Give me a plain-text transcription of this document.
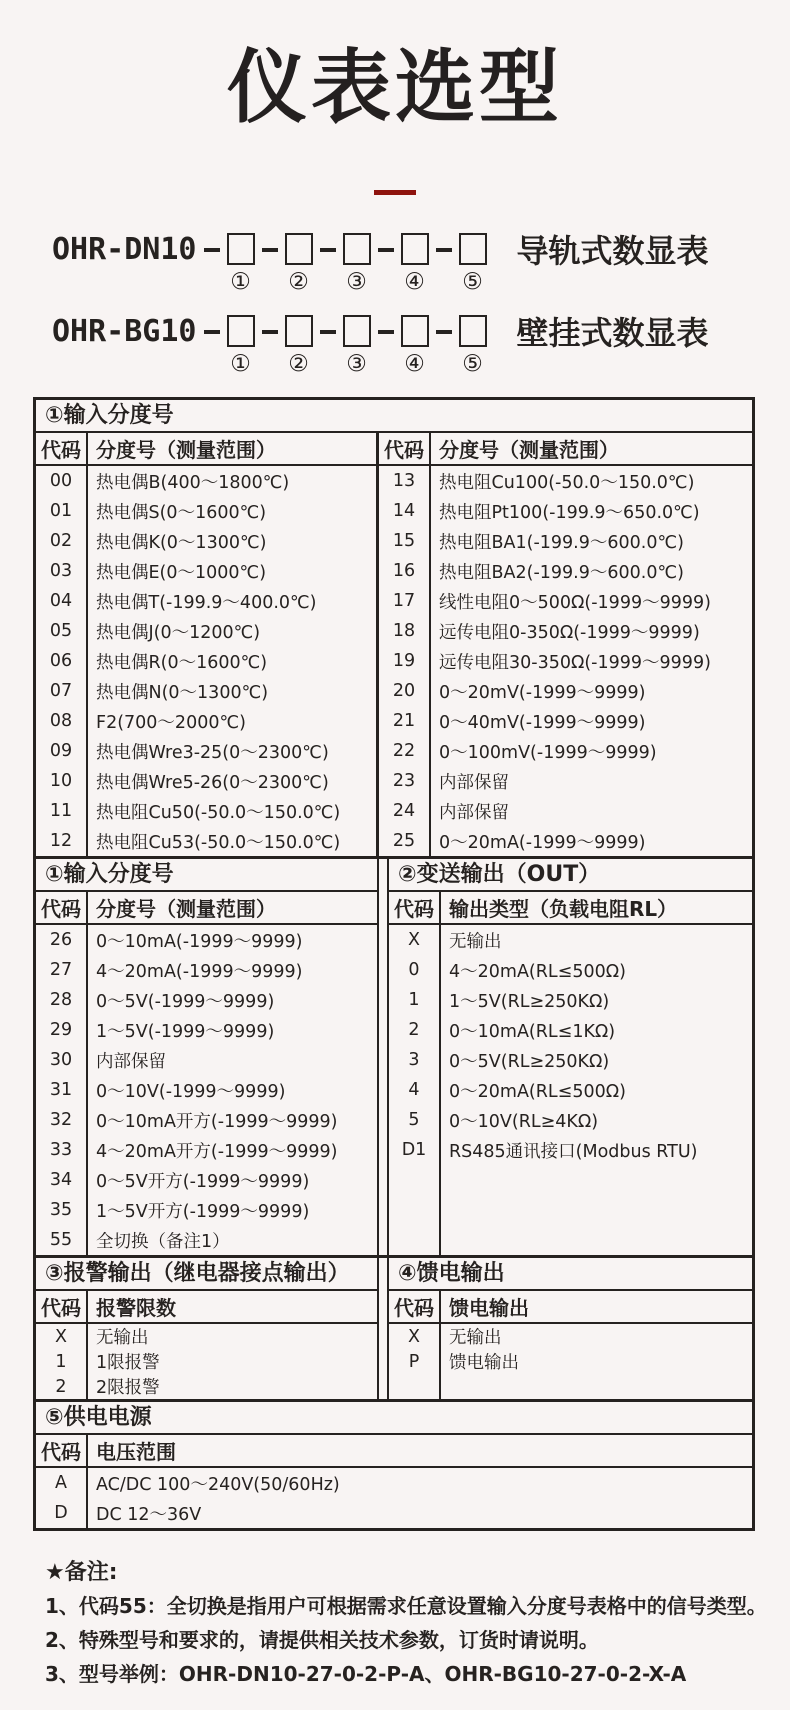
仪表选型
OHR-DN10
① ② ③ ④ ⑤
导轨式数显表
OHR-BG10
① ② ③ ④ ⑤
壁挂式数显表
①输入分度号
代码 分度号（测量范围）
00	热电偶B(400～1800℃)
01	热电偶S(0～1600℃)
02	热电偶K(0～1300℃)
03	热电偶E(0～1000℃)
04	热电偶T(-199.9～400.0℃)
05	热电偶J(0～1200℃)
06	热电偶R(0～1600℃)
07	热电偶N(0～1300℃)
08	F2(700～2000℃)
09	热电偶Wre3-25(0～2300℃)
10	热电偶Wre5-26(0～2300℃)
11	热电阻Cu50(-50.0～150.0℃)
12	热电阻Cu53(-50.0～150.0℃)
代码 分度号（测量范围）
13	热电阻Cu100(-50.0～150.0℃)
14	热电阻Pt100(-199.9～650.0℃)
15	热电阻BA1(-199.9～600.0℃)
16	热电阻BA2(-199.9～600.0℃)
17	线性电阻0～500Ω(-1999～9999)
18	远传电阻0-350Ω(-1999～9999)
19	远传电阻30-350Ω(-1999～9999)
20	0～20mV(-1999～9999)
21	0～40mV(-1999～9999)
22	0～100mV(-1999～9999)
23	内部保留
24	内部保留
25	0～20mA(-1999～9999)
①输入分度号
代码 分度号（测量范围）
26	0～10mA(-1999～9999)
27	4～20mA(-1999～9999)
28	0～5V(-1999～9999)
29	1～5V(-1999～9999)
30	内部保留
31	0～10V(-1999～9999)
32	0～10mA开方(-1999～9999)
33	4～20mA开方(-1999～9999)
34	0～5V开方(-1999～9999)
35	1～5V开方(-1999～9999)
55	全切换（备注1）
②变送输出（OUT）
代码 输出类型（负载电阻RL）
X	无输出
0	4～20mA(RL≤500Ω)
1	1～5V(RL≥250KΩ)
2	0～10mA(RL≤1KΩ)
3	0～5V(RL≥250KΩ)
4	0～20mA(RL≤500Ω)
5	0～10V(RL≥4KΩ)
D1	RS485通讯接口(Modbus RTU)
③报警输出（继电器接点输出）
代码 报警限数
X	无输出
1	1限报警
2	2限报警
④馈电输出
代码 馈电输出
X	无输出
P	馈电输出
⑤供电电源
代码 电压范围
A	AC/DC 100～240V(50/60Hz)
D	DC 12～36V
★备注:
1、代码55：全切换是指用户可根据需求任意设置输入分度号表格中的信号类型。
2、特殊型号和要求的，请提供相关技术参数，订货时请说明。
3、型号举例：OHR-DN10-27-0-2-P-A、OHR-BG10-27-0-2-X-A
